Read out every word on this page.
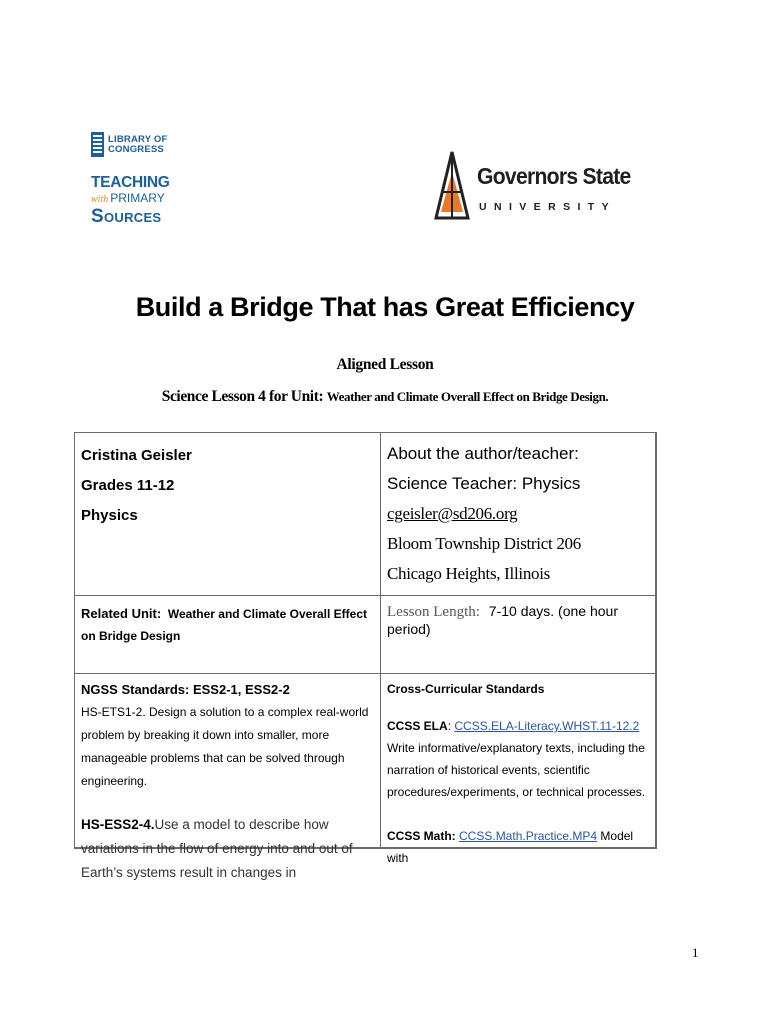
LIBRARY OF
CONGRESS
TEACHING
with PRIMARY
Sources
Governors State
UNIVERSITY
Build a Bridge That has Great Efficiency
Aligned Lesson
Science Lesson 4 for Unit: Weather and Climate Overall Effect on Bridge Design.
Cristina Geisler
Grades 11-12
Physics
About the author/teacher:
Science Teacher: Physics
cgeisler@sd206.org
Bloom Township District 206
Chicago Heights, Illinois
Related Unit: Weather and Climate Overall Effect on Bridge Design
Lesson Length: 7-10 days. (one hour period)
NGSS Standards: ESS2-1, ESS2-2
HS-ETS1-2. Design a solution to a complex real-world problem by breaking it down into smaller, more manageable problems that can be solved through engineering.
HS-ESS2-4.Use a model to describe how variations in the flow of energy into and out of Earth’s systems result in changes in
Cross-Curricular Standards
CCSS ELA: CCSS.ELA-Literacy.WHST.11-12.2
Write informative/explanatory texts, including the narration of historical events, scientific procedures/experiments, or technical processes.
CCSS Math: CCSS.Math.Practice.MP4 Model with
1
